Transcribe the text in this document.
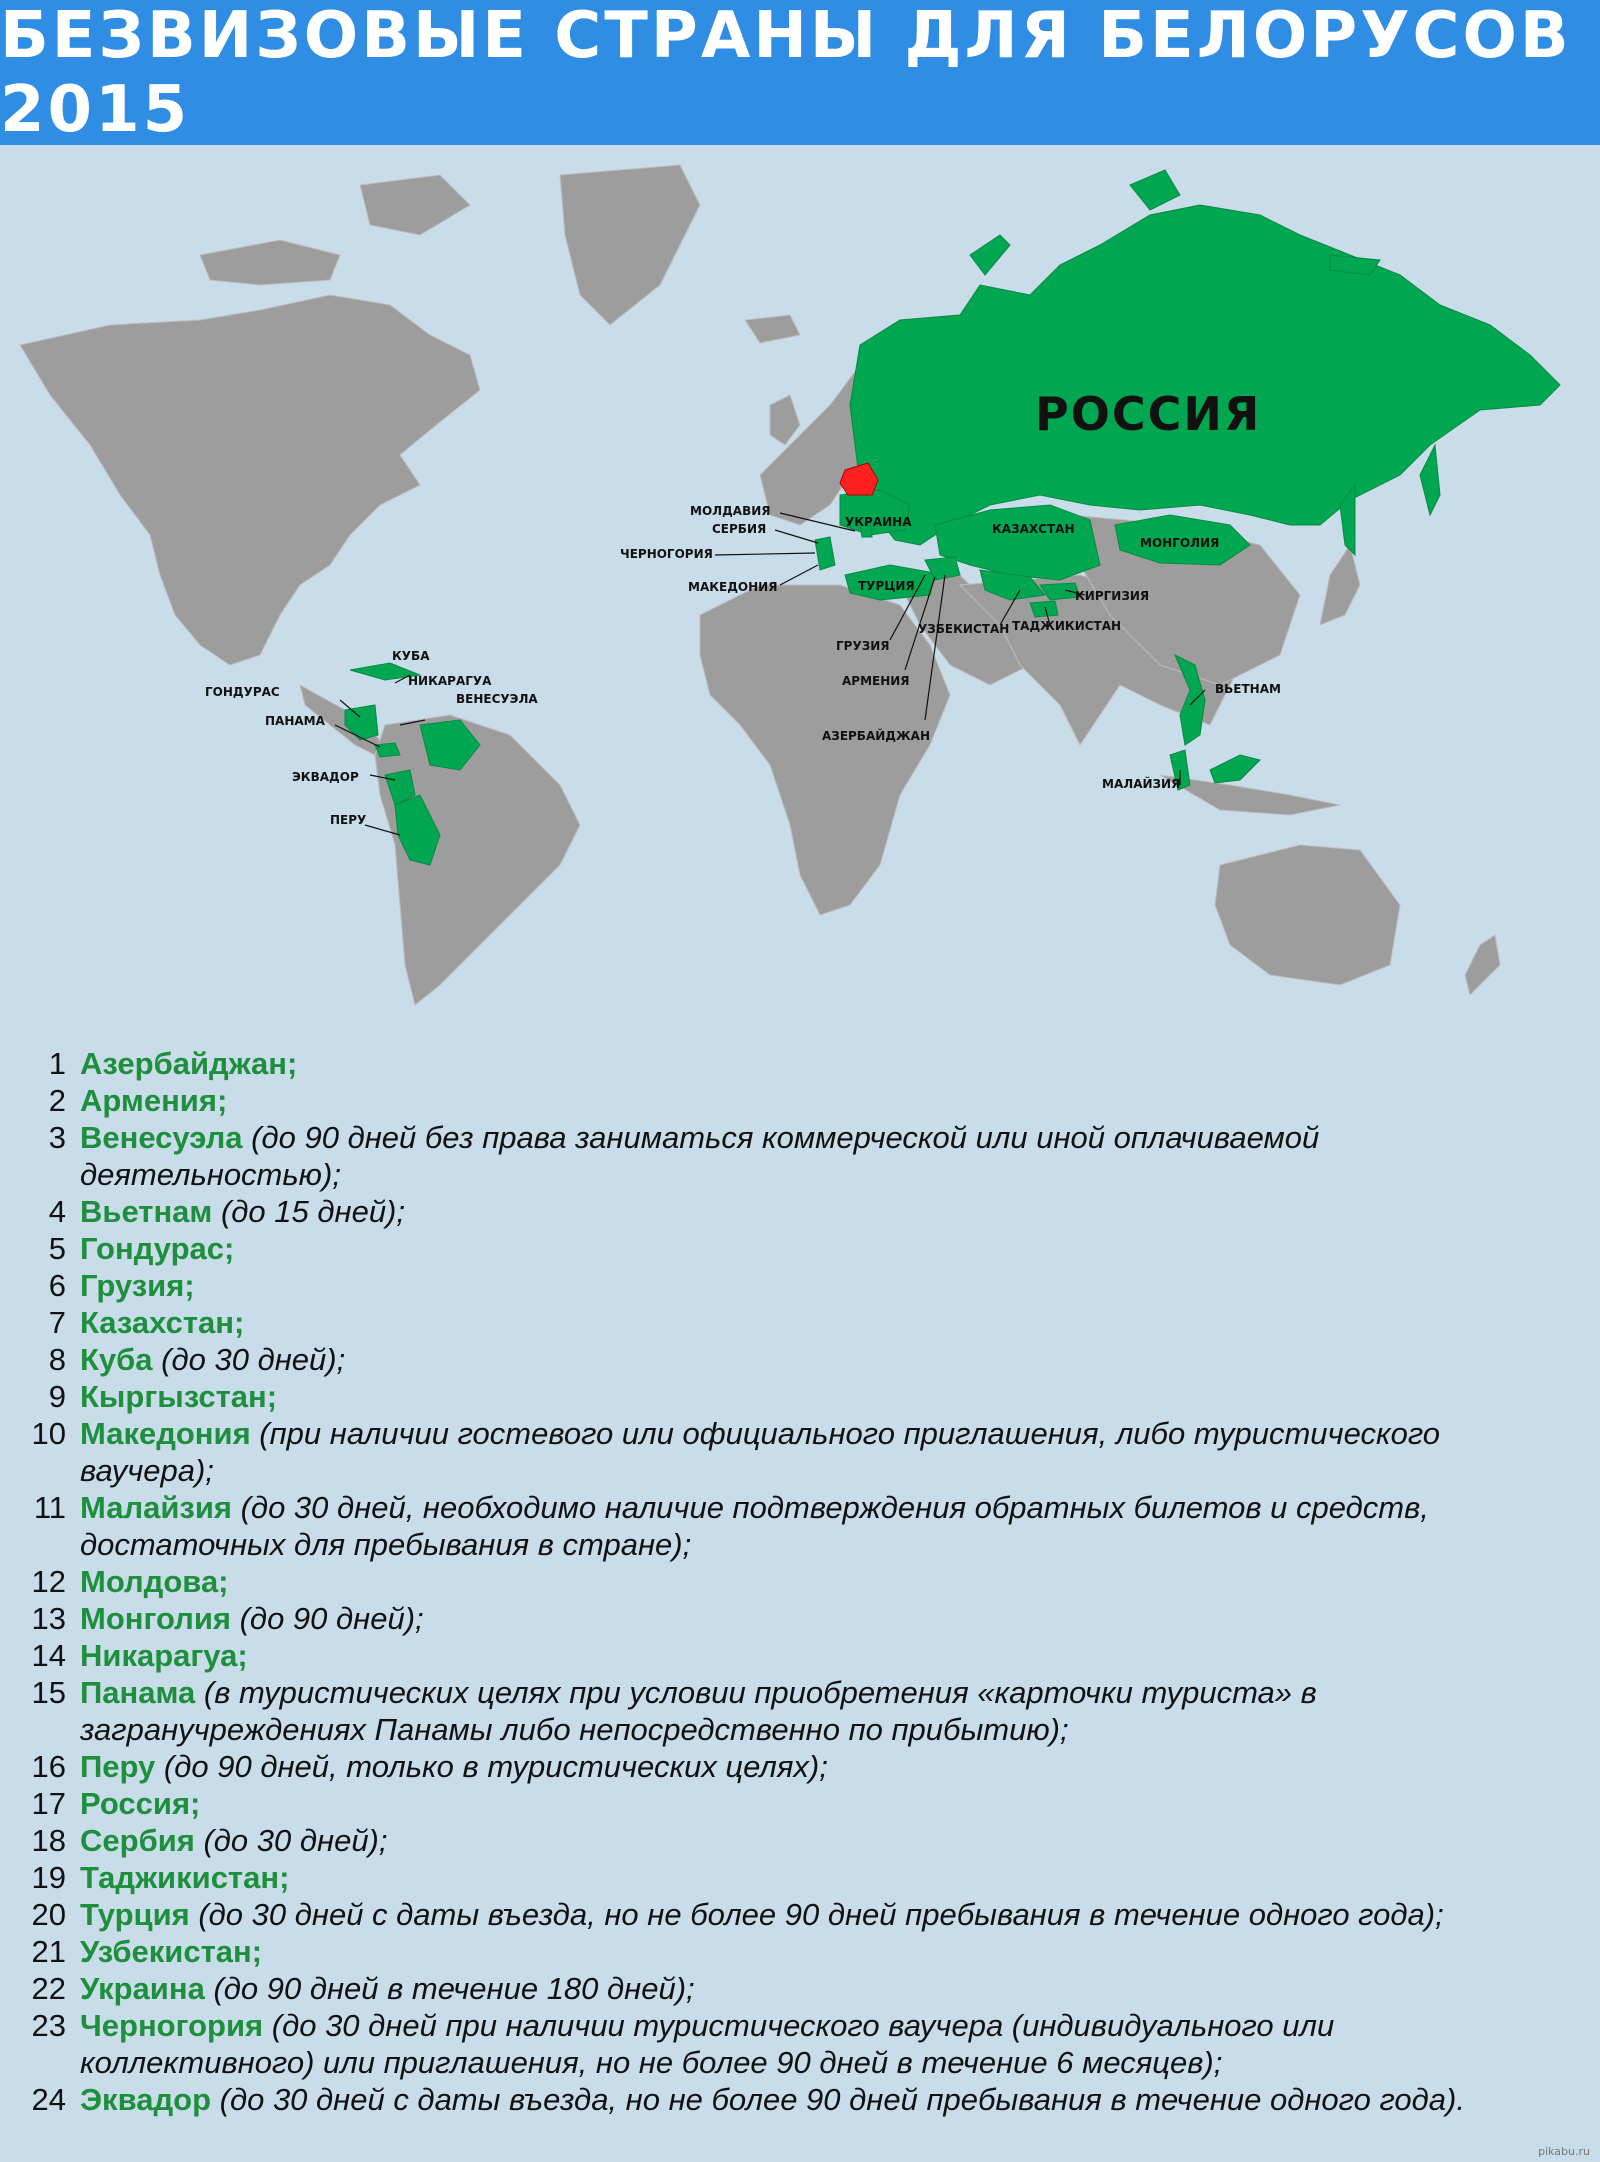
БЕЗВИЗОВЫЕ СТРАНЫ ДЛЯ БЕЛОРУСОВ 2015
РОССИЯ
МОЛДАВИЯ
СЕРБИЯ	УКРАИНА
ЧЕРНОГОРИЯ
МАКЕДОНИЯ	ТУРЦИЯ
КАЗАХСТАН
МОНГОЛИЯ
КИРГИЗИЯ
УЗБЕКИСТАН ТАДЖИКИСТАН
ГРУЗИЯ
АРМЕНИЯ
АЗЕРБАЙДЖАН
ВЬЕТНАМ
МАЛАЙЗИЯ
КУБА
ГОНДУРАС
НИКАРАГУА
ВЕНЕСУЭЛА
ПАНАМА
ЭКВАДОР
ПЕРУ
1 Азербайджан;
2 Армения;
3 Венесуэла (до 90 дней без права заниматься коммерческой или иной оплачиваемой деятельностью);
4 Вьетнам (до 15 дней);
5 Гондурас;
6 Грузия;
7 Казахстан;
8 Куба (до 30 дней);
9 Кыргызстан;
10 Македония (при наличии гостевого или официального приглашения, либо туристического ваучера);
11 Малайзия (до 30 дней, необходимо наличие подтверждения обратных билетов и средств, достаточных для пребывания в стране);
12 Молдова;
13 Монголия (до 90 дней);
14 Никарагуа;
15 Панама (в туристических целях при условии приобретения «карточки туриста» в загранучреждениях Панамы либо непосредственно по прибытию);
16 Перу (до 90 дней, только в туристических целях);
17 Россия;
18 Сербия (до 30 дней);
19 Таджикистан;
20 Турция (до 30 дней с даты въезда, но не более 90 дней пребывания в течение одного года);
21 Узбекистан;
22 Украина (до 90 дней в течение 180 дней);
23 Черногория (до 30 дней при наличии туристического ваучера (индивидуального или коллективного) или приглашения, но не более 90 дней в течение 6 месяцев);
24 Эквадор (до 30 дней с даты въезда, но не более 90 дней пребывания в течение одного года).
pikabu.ru
